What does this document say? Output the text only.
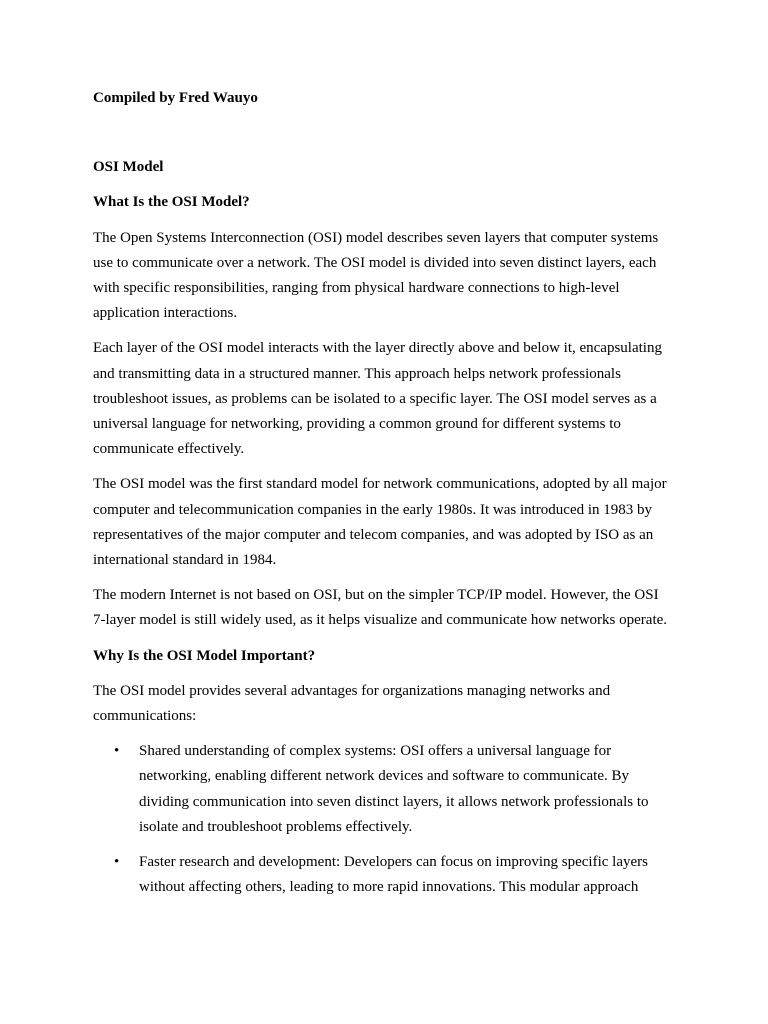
Compiled by Fred Wauyo

OSI Model
What Is the OSI Model?

The Open Systems Interconnection (OSI) model describes seven layers that computer systems use to communicate over a network. The OSI model is divided into seven distinct layers, each with specific responsibilities, ranging from physical hardware connections to high-level application interactions.

Each layer of the OSI model interacts with the layer directly above and below it, encapsulating and transmitting data in a structured manner. This approach helps network professionals troubleshoot issues, as problems can be isolated to a specific layer. The OSI model serves as a universal language for networking, providing a common ground for different systems to communicate effectively.

The OSI model was the first standard model for network communications, adopted by all major computer and telecommunication companies in the early 1980s. It was introduced in 1983 by representatives of the major computer and telecom companies, and was adopted by ISO as an international standard in 1984.

The modern Internet is not based on OSI, but on the simpler TCP/IP model. However, the OSI 7-layer model is still widely used, as it helps visualize and communicate how networks operate.

Why Is the OSI Model Important?

The OSI model provides several advantages for organizations managing networks and communications:

• Shared understanding of complex systems: OSI offers a universal language for networking, enabling different network devices and software to communicate. By dividing communication into seven distinct layers, it allows network professionals to isolate and troubleshoot problems effectively.
• Faster research and development: Developers can focus on improving specific layers without affecting others, leading to more rapid innovations. This modular approach
